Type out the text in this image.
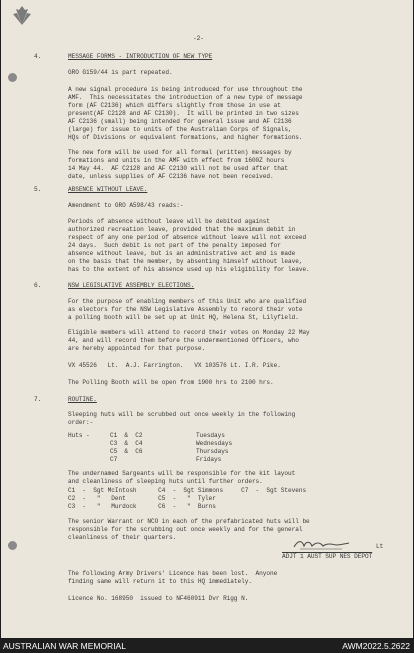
-2-
4.	MESSAGE FORMS - INTRODUCTION OF NEW TYPE
GRO G159/44 is part repeated.
A new signal procedure is being introduced for use throughout the
AMF.  This necessitates the introduction of a new type of message
form (AF C2136) which differs slightly from those in use at
present(AF C2128 and AF C2130).  It will be printed in two sizes
AF C2136 (small) being intended for general issue and AF C2136
(large) for issue to units of the Australian Corps of Signals,
HQs of Divisions or equivalent formations, and higher formations.
The new form will be used for all formal (written) messages by
formations and units in the AMF with effect from 1600Z hours
14 May 44.  AF C2128 and AF C2130 will not be used after that
date, unless supplies of AF C2136 have not been received.
5.	ABSENCE WITHOUT LEAVE.
Amendment to GRO A598/43 reads:-
Periods of absence without leave will be debited against
authorized recreation leave, provided that the maximum debit in
respect of any one period of absence without leave will not exceed
24 days.  Such debit is not part of the penalty imposed for
absence without leave, but is an administrative act and is made
on the basis that the member, by absenting himself without leave,
has to the extent of his absence used up his eligibility for leave.
6.	NSW LEGISLATIVE ASSEMBLY ELECTIONS.
For the purpose of enabling members of this Unit who are qualified
as electors for the NSW Legislative Assembly to record their vote
a polling booth will be set up at Unit HQ, Helena St, Lilyfield.
Eligible members will attend to record their votes on Monday 22 May
44, and will record them before the undermentioned Officers, who
are hereby appointed for that purpose.
VX 45526   Lt.  A.J. Farrington.   VX 103576 Lt. I.R. Pike.
The Polling Booth will be open from 1900 hrs to 2100 hrs.
7.	ROUTINE.
Sleeping huts will be scrubbed out once weekly in the following
order:-
Huts -	C1  &  C2	Tuesdays
C3  &  C4	Wednesdays
C5  &  C6	Thursdays
C7	Fridays
The undernamed Sargeants will be responsible for the kit layout
and cleanliness of sleeping huts until further orders.
C1  -  Sgt McIntosh      C4  -  Sgt Simmons     C7  -  Sgt Stevens
C2  -   "   Dent         C5  -   "  Tyler
C3  -   "   Murdock      C6  -   "  Burns
The senior Warrant or NCO in each of the prefabricated huts will be
responsible for the scrubbing out once weekly and for the general
cleanliness of their quarters.
Lt
ADJT 1 AUST SUP NES DEPOT
The following Army Drivers' Licence has been lost.  Anyone
finding same will return it to this HQ immediately.
Licence No. 168950  issued to NF460911 Dvr Rigg N.
AUSTRALIAN WAR MEMORIAL	AWM2022.5.2622
